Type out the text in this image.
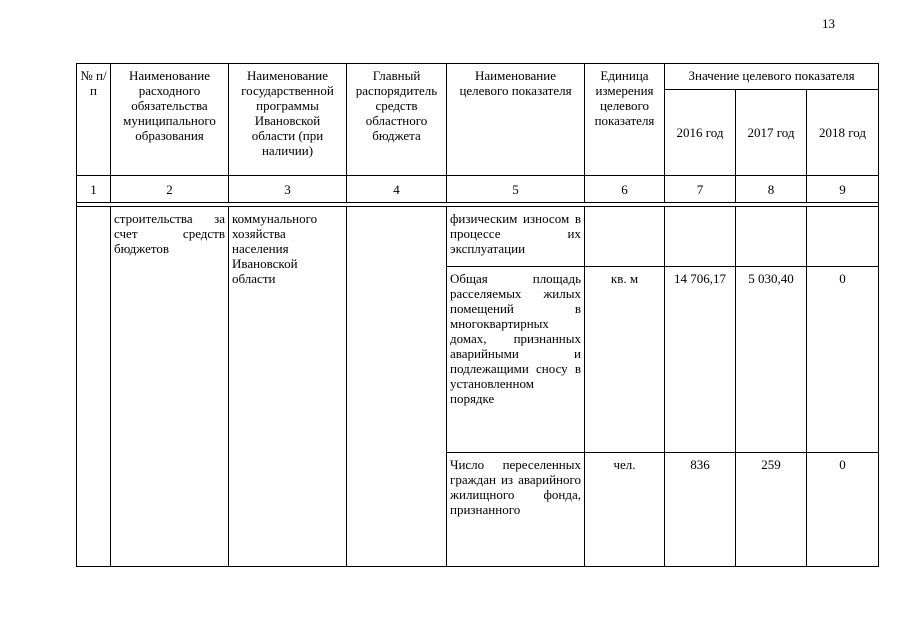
13
№ п/п	Наименование расходного обязательства муниципального образования	Наименование государственной программы Ивановской области (при наличии)	Главный распорядитель средств областного бюджета	Наименование целевого показателя	Единица измерения целевого показателя	Значение целевого показателя		
						2016 год	2017 год	2018 год
1	2	3	4	5	6	7	8	9

	строительства за счет средств бюджетов	коммунального хозяйства населения Ивановской области		физическим износом в процессе их эксплуатации				
				Общая площадь расселяемых жилых помещений в многоквартирных домах, признанных аварийными и подлежащими сносу в установленном порядке	кв. м	14 706,17	5 030,40	0
				Число переселенных граждан из аварийного жилищного фонда, признанного	чел.	836	259	0
